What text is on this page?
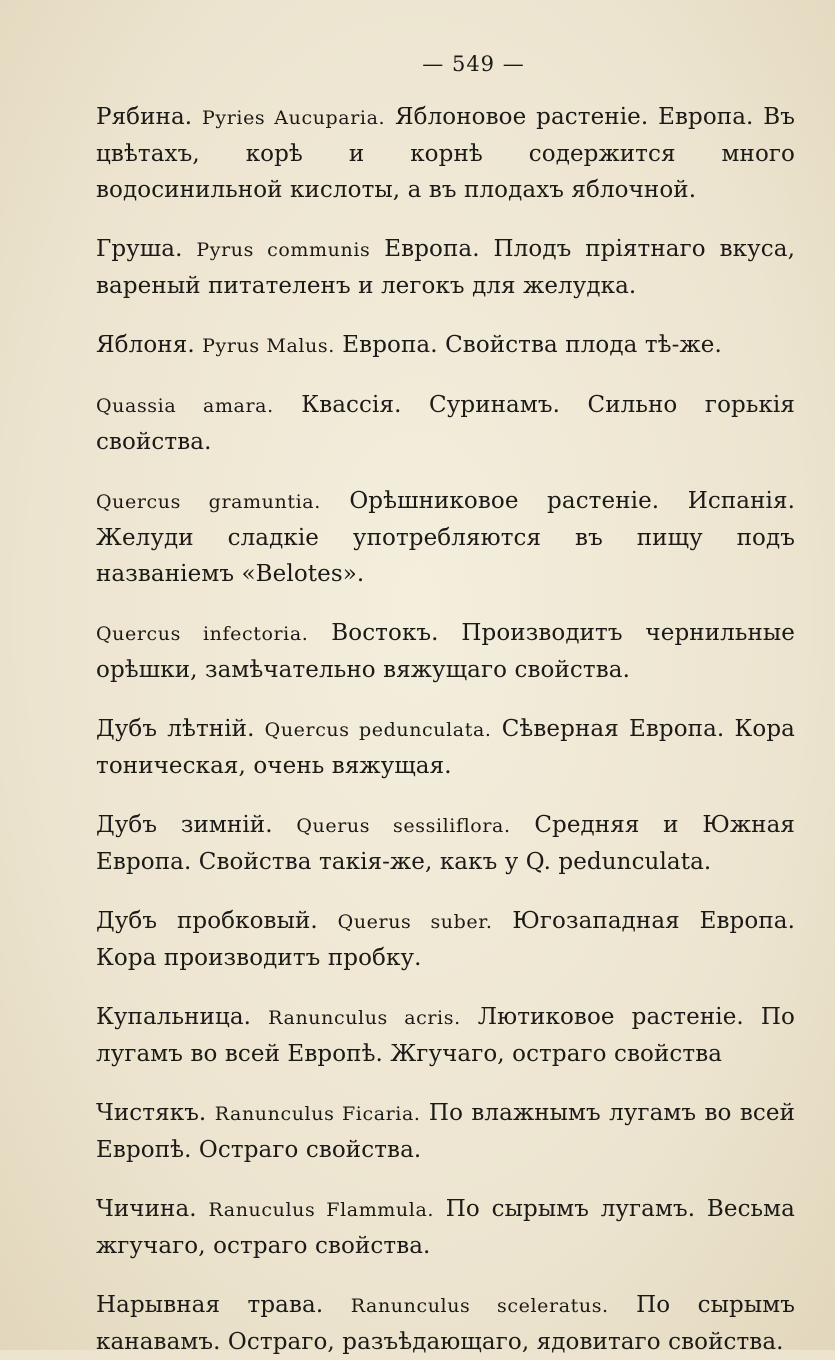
— 549 —

Рябина. Pyries Aucuparia. Яблоновое растеніе. Европа. Въ цвѣтахъ, корѣ и корнѣ содержится много водосинильной кислоты, а въ плодахъ яблочной.

Груша. Pyrus communis Европа. Плодъ пріятнаго вкуса, вареный питателенъ и легокъ для желудка.

Яблоня. Pyrus Malus. Европа. Свойства плода тѣ-же.

Quassia amara. Квассія. Суринамъ. Сильно горькія свойства.

Quercus gramuntia. Орѣшниковое растеніе. Испанія. Желуди сладкіе употребляются въ пищу подъ названіемъ «Belotes».

Quercus infectoria. Востокъ. Производитъ чернильные орѣшки, замѣчательно вяжущаго свойства.

Дубъ лѣтній. Quercus pedunculata. Сѣверная Европа. Кора тоническая, очень вяжущая.

Дубъ зимній. Querus sessiliflora. Средняя и Южная Европа. Свойства такія-же, какъ у Q. pedunculata.

Дубъ пробковый. Querus suber. Югозападная Европа. Кора производитъ пробку.

Купальница. Ranunculus acris. Лютиковое растеніе. По лугамъ во всей Европѣ. Жгучаго, остраго свойства

Чистякъ. Ranunculus Ficaria. По влажнымъ лугамъ во всей Европѣ. Остраго свойства.

Чичина. Ranuculus Flammula. По сырымъ лугамъ. Весьма жгучаго, остраго свойства.

Нарывная трава. Ranunculus sceleratus. По сырымъ канавамъ. Остраго, разъѣдающаго, ядовитаго свойства.
